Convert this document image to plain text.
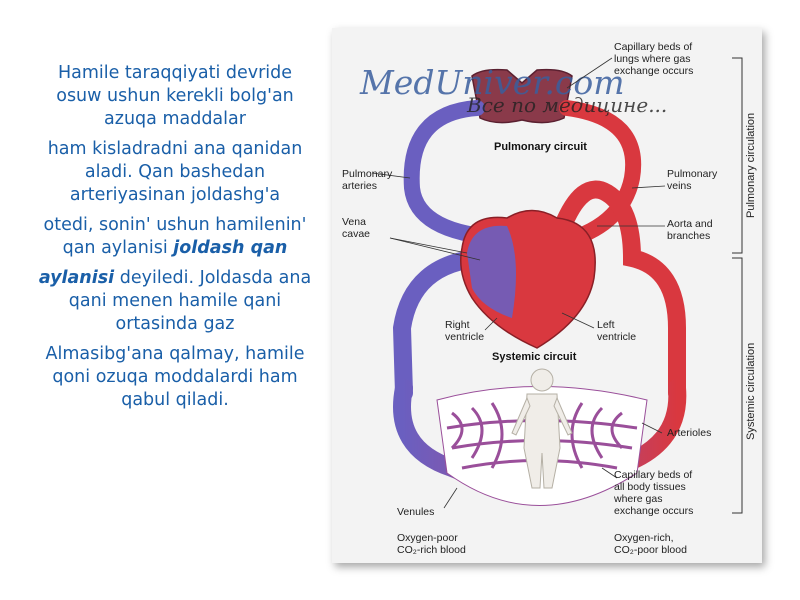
Hamile taraqqiyati devride
osuw ushun kerekli bolg'an
azuqa maddalar
ham kisladradni ana qanidan
aladi. Qan bashedan
arteriyasinan joldashg'a
otedi, sonin' ushun hamilenin'
qan aylanisi joldash qan
aylanisi deyiledi. Joldasda ana
qani menen hamile qani
ortasinda gaz
Almasibg'ana qalmay, hamile
qoni ozuqa moddalardi ham
qabul qiladi.
MedUniver.com
Все по медицине...
Capillary beds of lungs where gas exchange occurs
Pulmonary circuit
Pulmonary arteries
Pulmonary veins
Vena cavae
Aorta and branches
Right ventricle
Left ventricle
Systemic circuit
Arterioles
Capillary beds of all body tissues where gas exchange occurs
Venules
Oxygen-poor CO₂-rich blood
Oxygen-rich, CO₂-poor blood
Pulmonary circulation
Systemic circulation
